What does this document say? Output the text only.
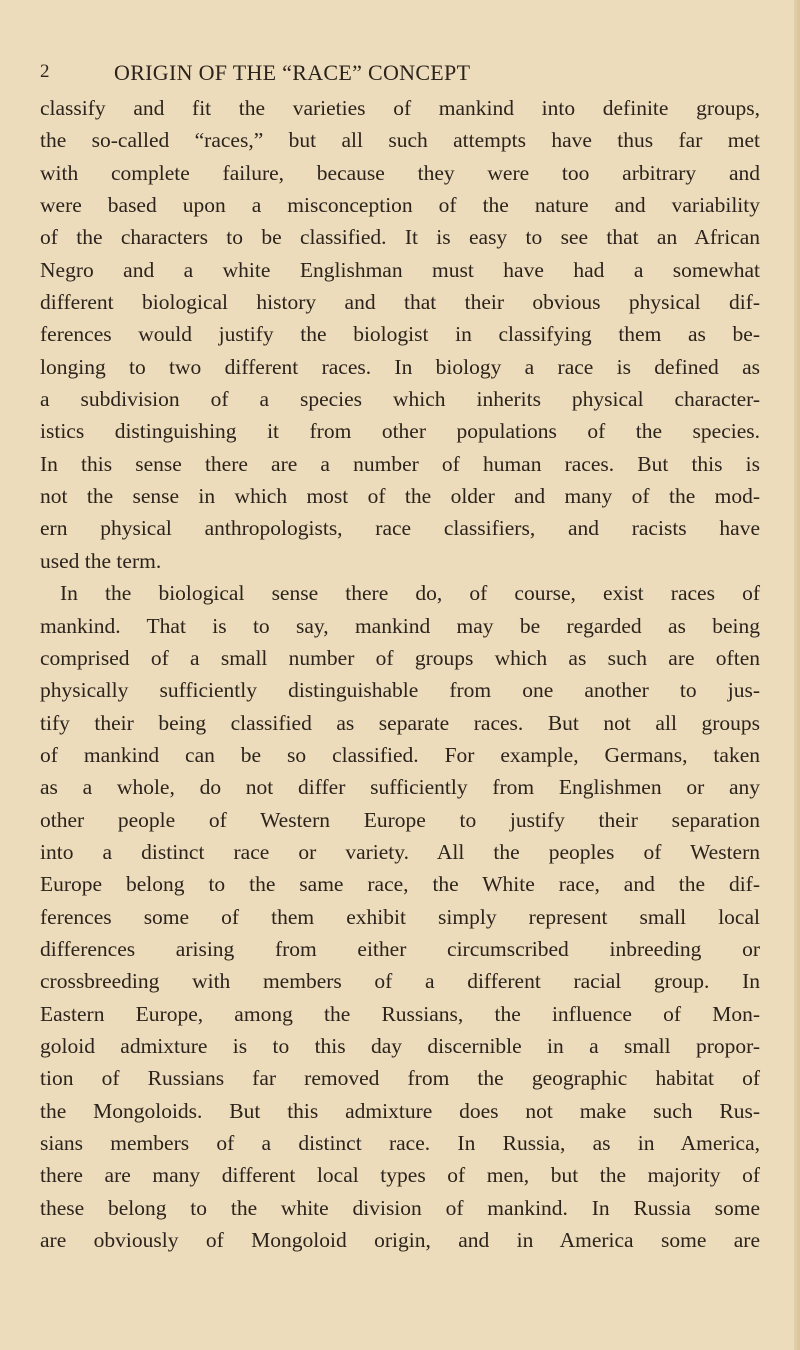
2	ORIGIN OF THE “RACE” CONCEPT
classify and fit the varieties of mankind into definite groups,
the so-called “races,” but all such attempts have thus far met
with complete failure, because they were too arbitrary and
were based upon a misconception of the nature and variability
of the characters to be classified. It is easy to see that an African
Negro and a white Englishman must have had a somewhat
different biological history and that their obvious physical dif-
ferences would justify the biologist in classifying them as be-
longing to two different races. In biology a race is defined as
a subdivision of a species which inherits physical character-
istics distinguishing it from other populations of the species.
In this sense there are a number of human races. But this is
not the sense in which most of the older and many of the mod-
ern physical anthropologists, race classifiers, and racists have
used the term.
In the biological sense there do, of course, exist races of
mankind. That is to say, mankind may be regarded as being
comprised of a small number of groups which as such are often
physically sufficiently distinguishable from one another to jus-
tify their being classified as separate races. But not all groups
of mankind can be so classified. For example, Germans, taken
as a whole, do not differ sufficiently from Englishmen or any
other people of Western Europe to justify their separation
into a distinct race or variety. All the peoples of Western
Europe belong to the same race, the White race, and the dif-
ferences some of them exhibit simply represent small local
differences arising from either circumscribed inbreeding or
crossbreeding with members of a different racial group. In
Eastern Europe, among the Russians, the influence of Mon-
goloid admixture is to this day discernible in a small propor-
tion of Russians far removed from the geographic habitat of
the Mongoloids. But this admixture does not make such Rus-
sians members of a distinct race. In Russia, as in America,
there are many different local types of men, but the majority of
these belong to the white division of mankind. In Russia some
are obviously of Mongoloid origin, and in America some are
